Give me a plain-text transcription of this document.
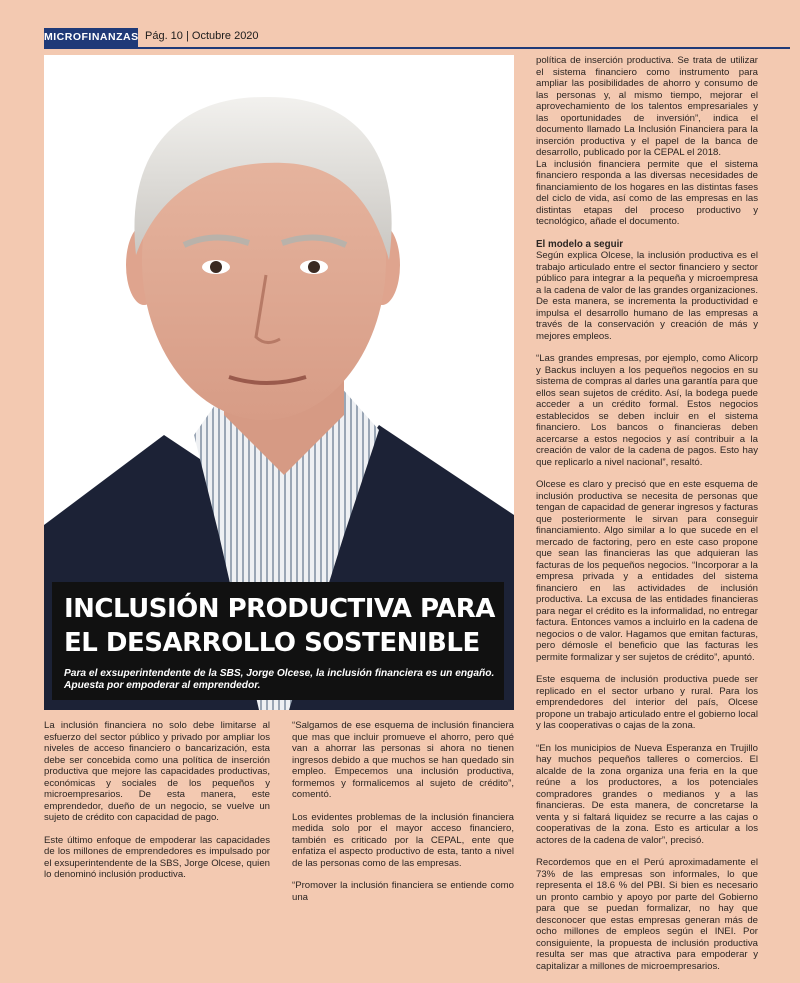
MICROFINANZAS Pág. 10 | Octubre 2020
INCLUSIÓN PRODUCTIVA PARA EL DESARROLLO SOSTENIBLE

Para el exsuperintendente de la SBS, Jorge Olcese, la inclusión financiera es un engaño. Apuesta por empoderar al emprendedor.

La inclusión financiera no solo debe limitarse al esfuerzo del sector público y privado por ampliar los niveles de acceso financiero o bancarización, esta debe ser concebida como una política de inserción productiva que mejore las capacidades productivas, económicas y sociales de los pequeños y microempresarios. De esta manera, este emprendedor, dueño de un negocio, se vuelve un sujeto de crédito con capacidad de pago.

Este último enfoque de empoderar las capacidades de los millones de emprendedores es impulsado por el exsuperintendente de la SBS, Jorge Olcese, quien lo denominó inclusión productiva.

“Salgamos de ese esquema de inclusión financiera que mas que incluir promueve el ahorro, pero qué van a ahorrar las personas si ahora no tienen ingresos debido a que muchos se han quedado sin empleo. Empecemos una inclusión productiva, formemos y formalicemos al sujeto de crédito”, comentó.

Los evidentes problemas de la inclusión financiera medida solo por el mayor acceso financiero, también es criticado por la CEPAL, ente que enfatiza el aspecto productivo de esta, tanto a nivel de las personas como de las empresas.

“Promover la inclusión financiera se entiende como una

política de inserción productiva. Se trata de utilizar el sistema financiero como instrumento para ampliar las posibilidades de ahorro y consumo de las personas y, al mismo tiempo, mejorar el aprovechamiento de los talentos empresariales y las oportunidades de inversión”, indica el documento llamado La Inclusión Financiera para la inserción productiva y el papel de la banca de desarrollo, publicado por la CEPAL el 2018.

La inclusión financiera permite que el sistema financiero responda a las diversas necesidades de financiamiento de los hogares en las distintas fases del ciclo de vida, así como de las empresas en las distintas etapas del proceso productivo y tecnológico, añade el documento.

El modelo a seguir

Según explica Olcese, la inclusión productiva es el trabajo articulado entre el sector financiero y sector público para integrar a la pequeña y microempresa a la cadena de valor de las grandes organizaciones. De esta manera, se incrementa la productividad e impulsa el desarrollo humano de las empresas a través de la conservación y creación de más y mejores empleos.

“Las grandes empresas, por ejemplo, como Alicorp y Backus incluyen a los pequeños negocios en su sistema de compras al darles una garantía para que ellos sean sujetos de crédito. Así, la bodega puede acceder a un crédito formal. Estos negocios establecidos se deben incluir en el sistema financiero. Los bancos o financieras deben acercarse a estos negocios y así contribuir a la creación de valor de la cadena de pagos. Esto hay que replicarlo a nivel nacional”, resaltó.

Olcese es claro y precisó que en este esquema de inclusión productiva se necesita de personas que tengan de capacidad de generar ingresos y facturas que posteriormente le sirvan para conseguir financiamiento. Algo similar a lo que sucede en el mercado de factoring, pero en este caso propone que sean las financieras las que adquieran las facturas de los pequeños negocios. “Incorporar a la empresa privada y a entidades del sistema financiero en las actividades de inclusión productiva. La excusa de las entidades financieras para negar el crédito es la informalidad, no entregar factura. Entonces vamos a incluirlo en la cadena de negocios o de valor. Hagamos que emitan facturas, pero démosle el beneficio que las facturas les permite formalizar y ser sujetos de crédito”, apuntó.

Este esquema de inclusión productiva puede ser replicado en el sector urbano y rural. Para los emprendedores del interior del país, Olcese propone un trabajo articulado entre el gobierno local y las cooperativas o cajas de la zona.

“En los municipios de Nueva Esperanza en Trujillo hay muchos pequeños talleres o comercios. El alcalde de la zona organiza una feria en la que reúne a los productores, a los potenciales compradores grandes o medianos y a las financieras. De esta manera, de concretarse la venta y si faltará liquidez se recurre a las cajas o cooperativas de la zona. Esto es articular a los actores de la cadena de valor”, precisó.

Recordemos que en el Perú aproximadamente el 73% de las empresas son informales, lo que representa el 18.6 % del PBI. Si bien es necesario un pronto cambio y apoyo por parte del Gobierno para que se puedan formalizar, no hay que desconocer que estas empresas generan más de ocho millones de empleos según el INEI. Por consiguiente, la propuesta de inclusión productiva resulta ser mas que atractiva para empoderar y capitalizar a millones de microempresarios.
